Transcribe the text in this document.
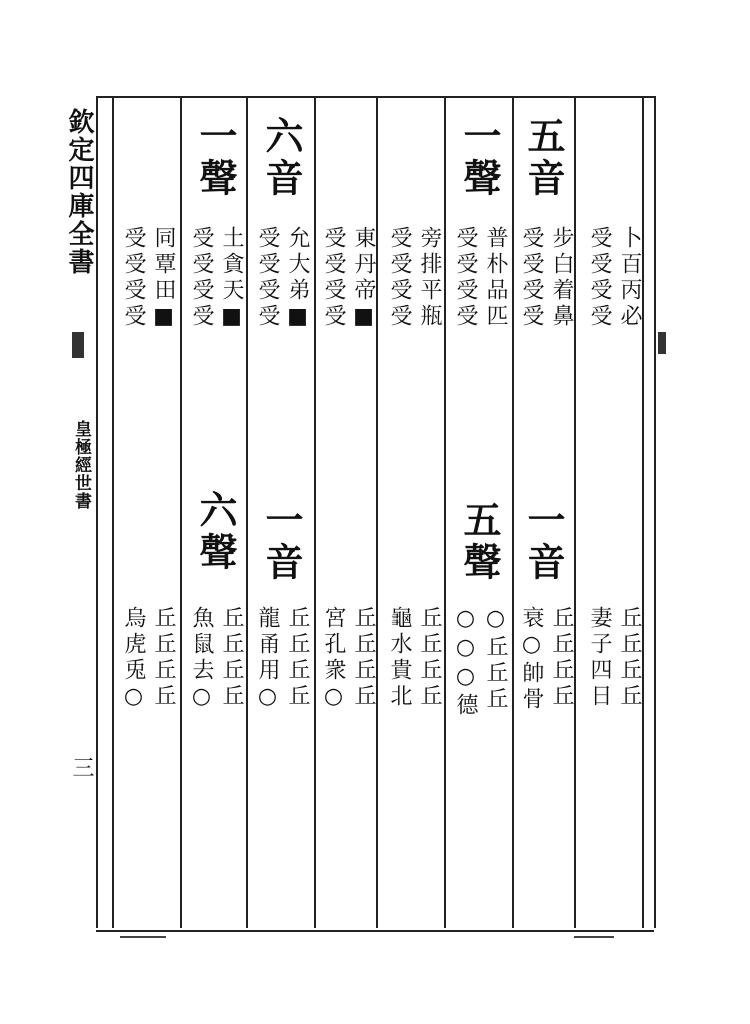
欽定四庫全書
皇極經世書
三
卜百丙必
受受受受
丘丘丘丘
妻子四日
五音
步白着鼻
受受受受
一音
丘丘丘丘
衰○帥骨
一聲
普朴品匹
受受受受
五聲
○丘丘丘
○○○德
旁排平瓶
受受受受
丘丘丘丘
龜水貴北
東丹帝■
受受受受
丘丘丘丘
宮孔衆○
六音
允大弟■
受受受受
一音
丘丘丘丘
龍甬用○
一聲
土貪天■
受受受受
六聲
丘丘丘丘
魚鼠去○
同覃田■
受受受受
丘丘丘丘
烏虎兎○
